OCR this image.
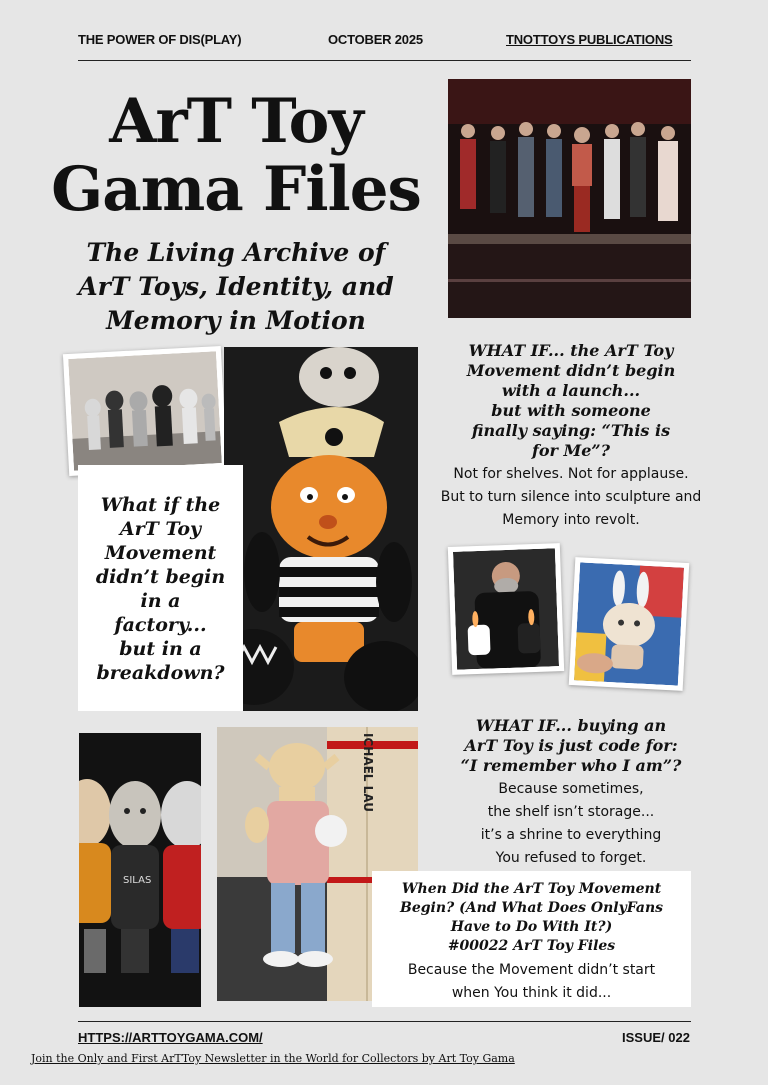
THE POWER OF DIS(PLAY)	OCTOBER 2025	TNOTTOYS PUBLICATIONS
ArT Toy
Gama Files
The Living Archive of
ArT Toys, Identity, and
Memory in Motion
What if the
ArT Toy
Movement
didn’t begin
in a
factory...
but in a
breakdown?
WHAT IF... the ArT Toy
Movement didn’t begin
with a launch...
but with someone
finally saying: “This is
for Me”?
Not for shelves. Not for applause.
But to turn silence into sculpture and
Memory into revolt.
SILAS
ICHAEL LAU
WHAT IF... buying an
ArT Toy is just code for:
“I remember who I am”?
Because sometimes,
the shelf isn’t storage...
it’s a shrine to everything
You refused to forget.
When Did the ArT Toy Movement
Begin? (And What Does OnlyFans
Have to Do With It?)
#00022 ArT Toy Files
Because the Movement didn’t start
when You think it did...
HTTPS://ARTTOYGAMA.COM/	ISSUE/ 022
Join the Only and First ArTToy Newsletter in the World for Collectors by Art Toy Gama
